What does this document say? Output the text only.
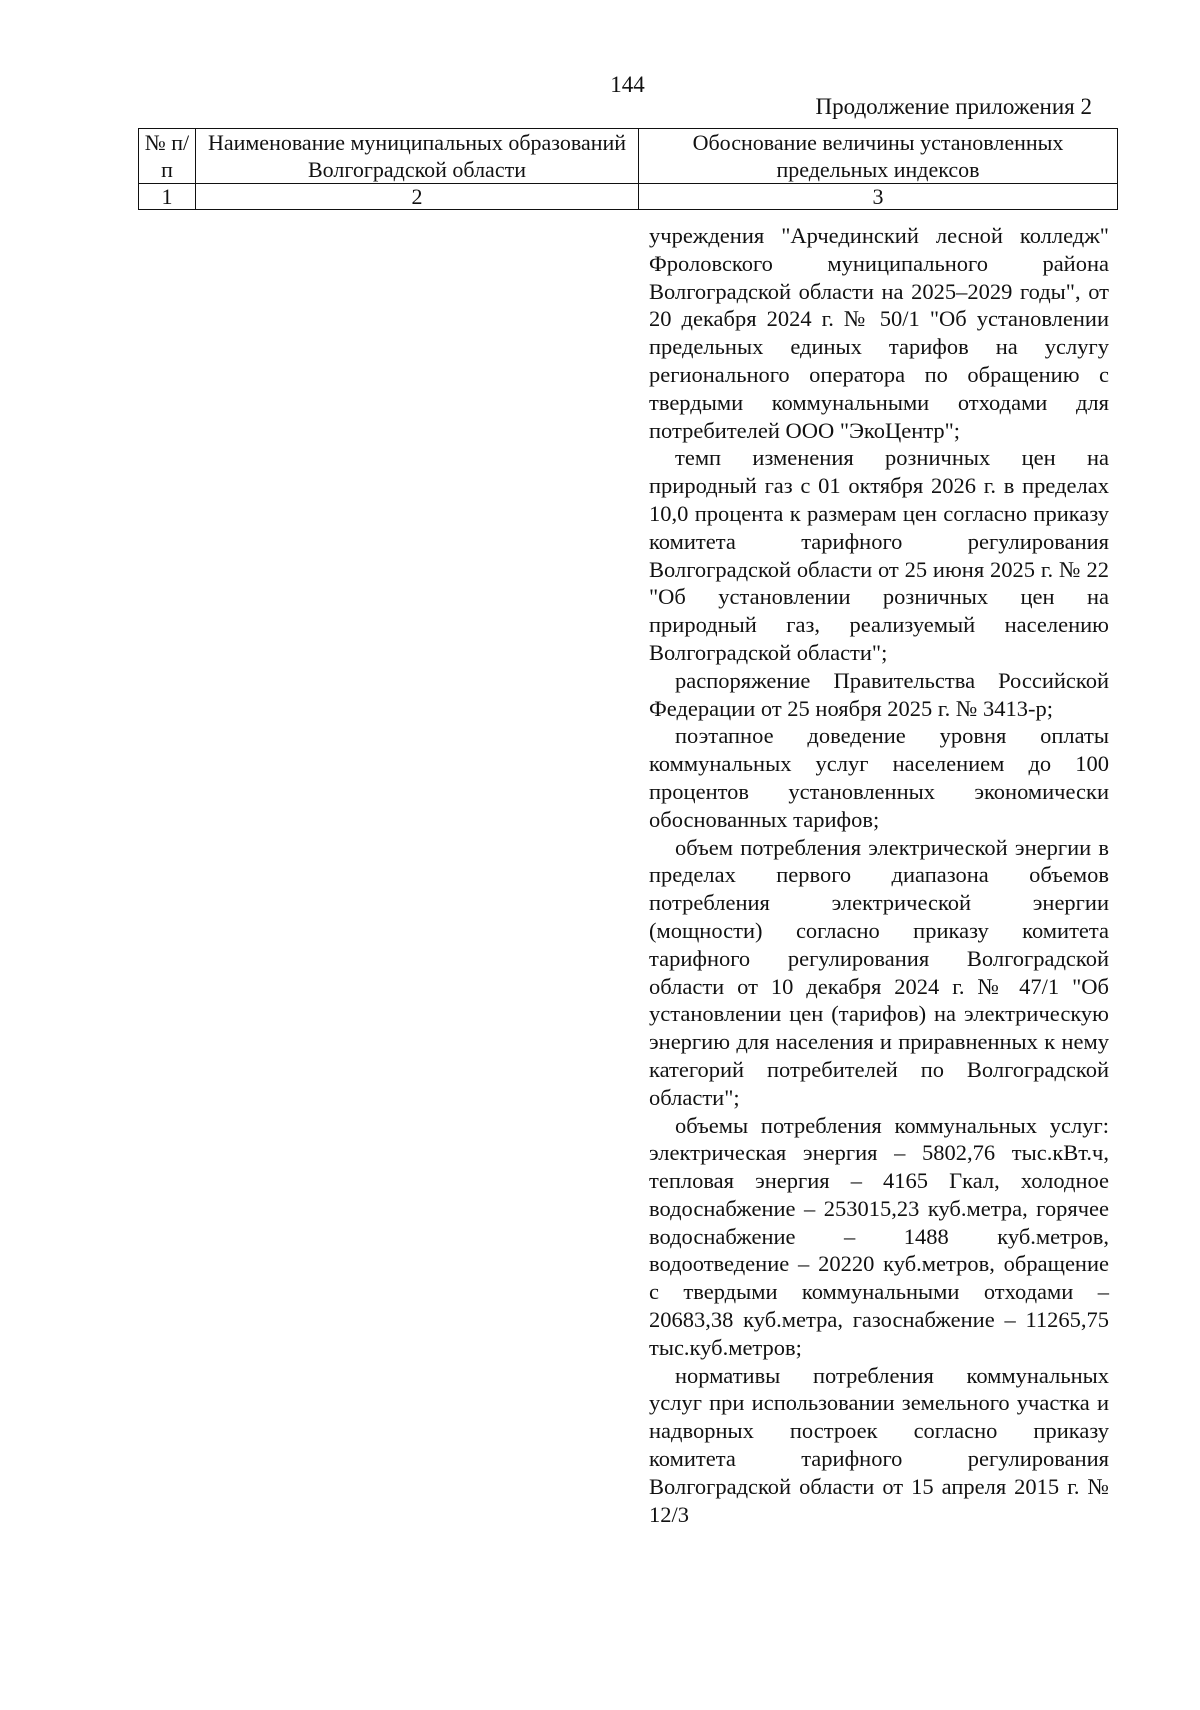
144
Продолжение приложения 2
№ п/п	Наименование муниципальных образований Волгоградской области	Обоснование величины установленных предельных индексов
1	2	3

учреждения "Арчединский лесной колледж" Фроловского муниципального района Волгоградской области на 2025–2029 годы", от 20 декабря 2024 г. № 50/1 "Об установлении предельных единых тарифов на услугу регионального оператора по обращению с твердыми коммунальными отходами для потребителей ООО "ЭкоЦентр";

темп изменения розничных цен на природный газ с 01 октября 2026 г. в пределах 10,0 процента к размерам цен согласно приказу комитета тарифного регулирования Волгоградской области от 25 июня 2025 г. № 22 "Об установлении розничных цен на природный газ, реализуемый населению Волгоградской области";

распоряжение Правительства Российской Федерации от 25 ноября 2025 г. № 3413-р;

поэтапное доведение уровня оплаты коммунальных услуг населением до 100 процентов установленных экономически обоснованных тарифов;

объем потребления электрической энергии в пределах первого диапазона объемов потребления электрической энергии (мощности) согласно приказу комитета тарифного регулирования Волгоградской области от 10 декабря 2024 г. № 47/1 "Об установлении цен (тарифов) на электрическую энергию для населения и приравненных к нему категорий потребителей по Волгоградской области";

объемы потребления коммунальных услуг: электрическая энергия – 5802,76 тыс.кВт.ч, тепловая энергия – 4165 Гкал, холодное водоснабжение – 253015,23 куб.метра, горячее водоснабжение – 1488 куб.метров, водоотведение – 20220 куб.метров, обращение с твердыми коммунальными отходами – 20683,38 куб.метра, газоснабжение – 11265,75 тыс.куб.метров;

нормативы потребления коммунальных услуг при использовании земельного участка и надворных построек согласно приказу комитета тарифного регулирования Волгоградской области от 15 апреля 2015 г. № 12/3
